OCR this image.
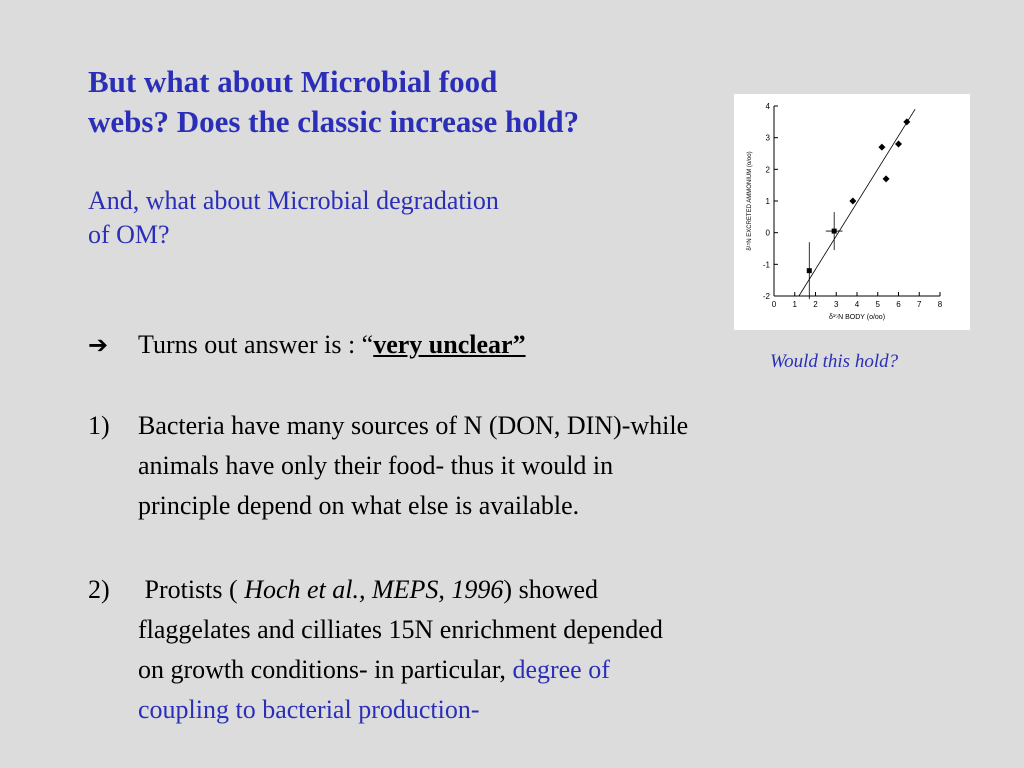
But what about Microbial food
webs? Does the classic increase hold?
And, what about Microbial degradation
of OM?
0 1 2 3 4 5 6 7 8
-2
-1
0
1
2
3
4
δ¹⁵N BODY (o/oo)
δ¹⁵N EXCRETED AMMONIUM (o/oo)
Would this hold?
➔ Turns out answer is : “very unclear”
1) Bacteria have many sources of N (DON, DIN)-while
animals have only their food- thus it would in
principle depend on what else is available.
2) Protists ( Hoch et al., MEPS, 1996) showed
flaggelates and cilliates 15N enrichment depended
on growth conditions- in particular, degree of
coupling to bacterial production-
